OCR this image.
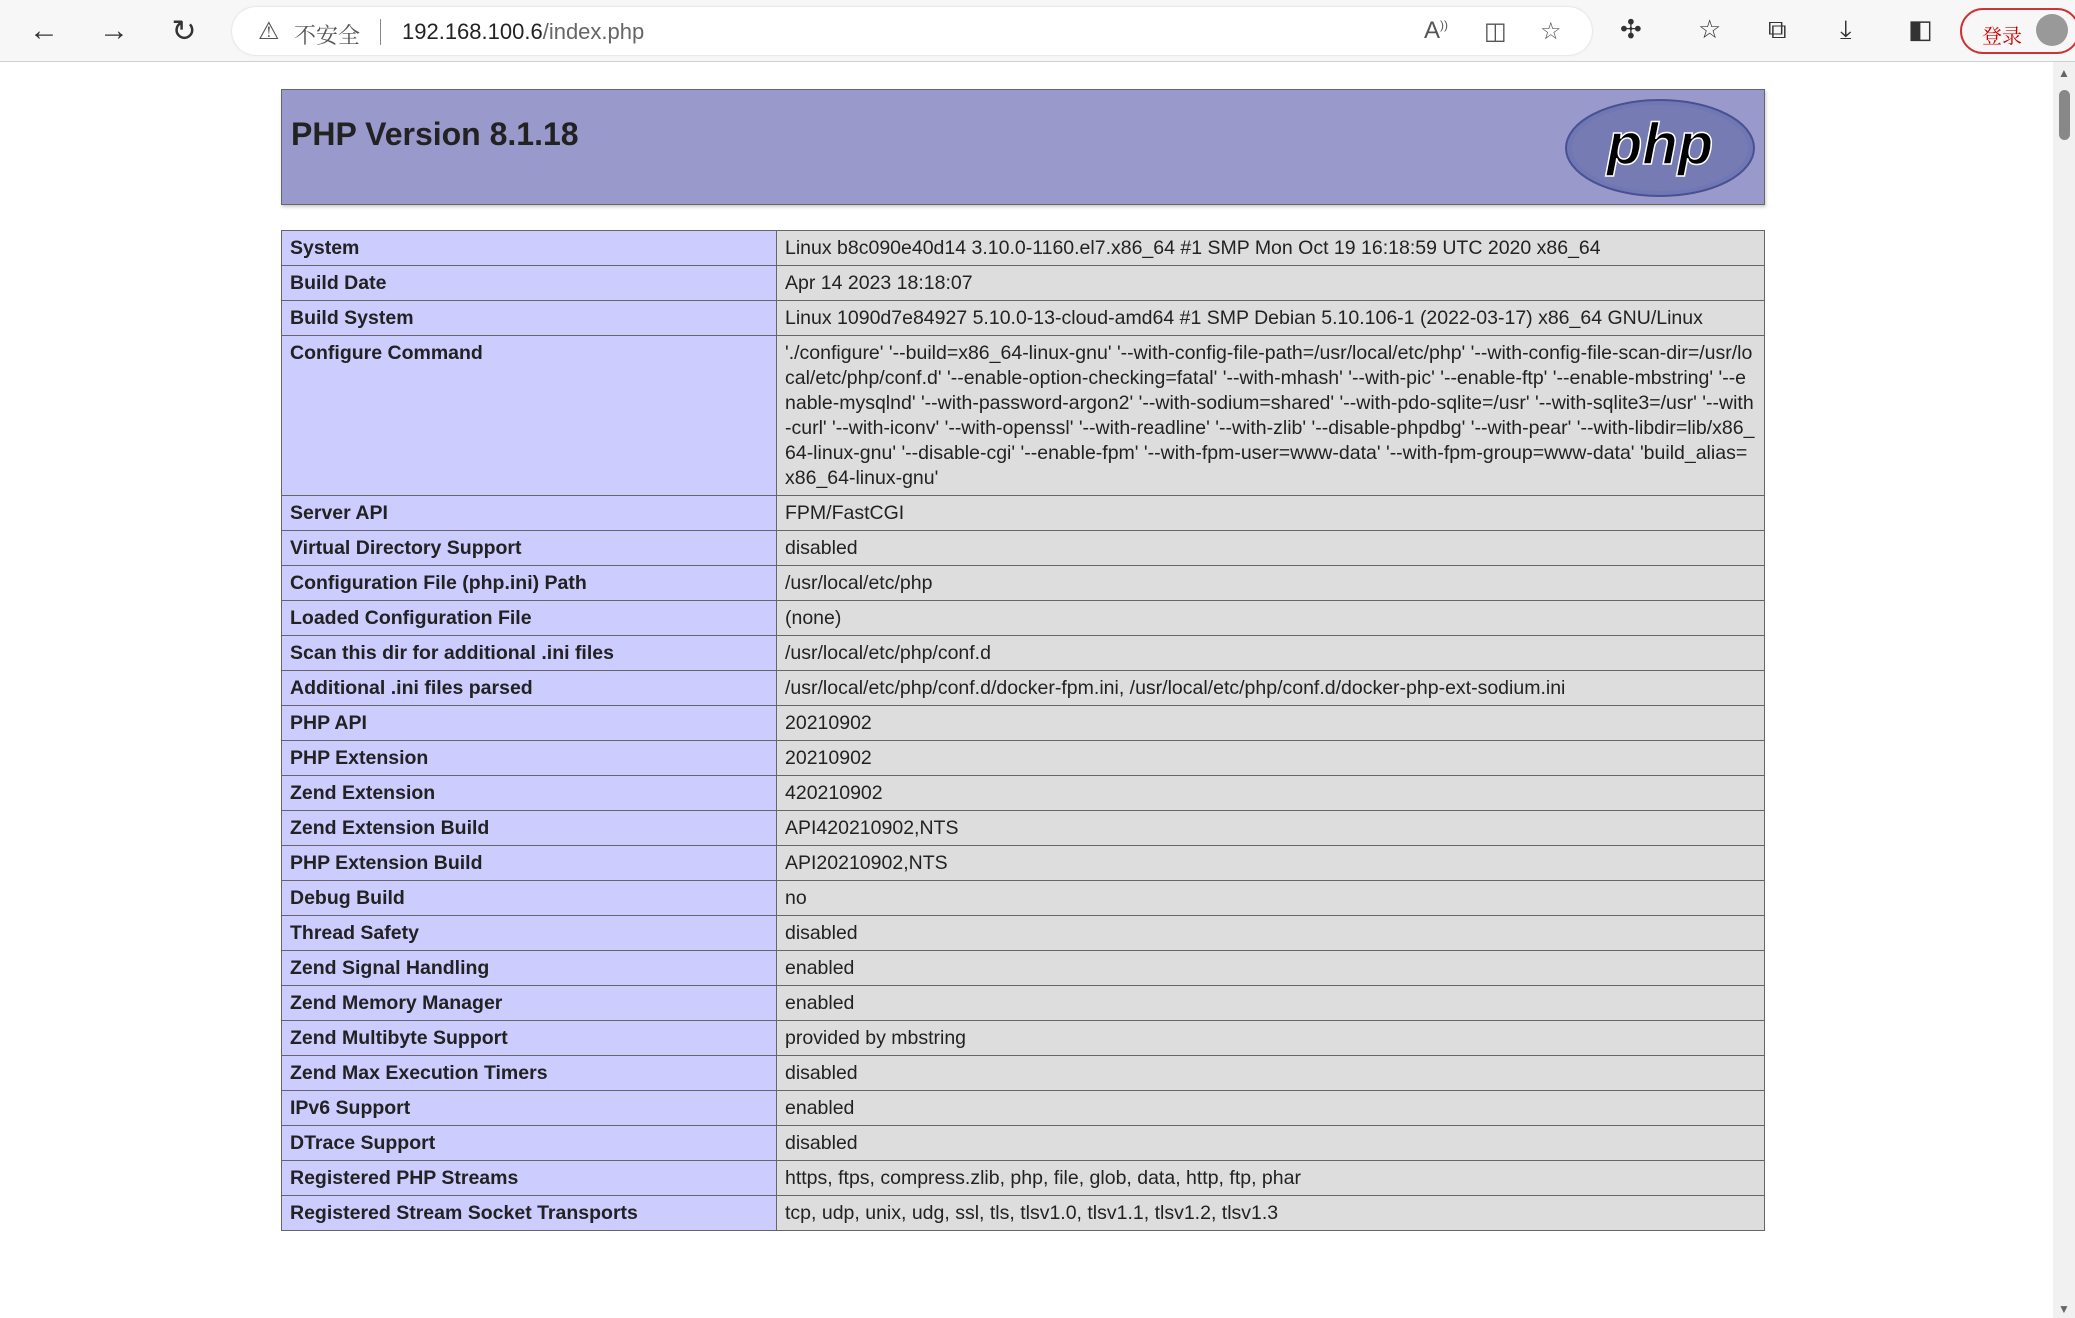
← → ↻	⚠ 不安全 192.168.100.6/index.php	A)) ◫ ☆ ✣ ☆ ⧉ ⤓ ◧	登录
PHP Version 8.1.18	php
System	Linux b8c090e40d14 3.10.0-1160.el7.x86_64 #1 SMP Mon Oct 19 16:18:59 UTC 2020 x86_64
Build Date	Apr 14 2023 18:18:07
Build System	Linux 1090d7e84927 5.10.0-13-cloud-amd64 #1 SMP Debian 5.10.106-1 (2022-03-17) x86_64 GNU/Linux
Configure Command	'./configure' '--build=x86_64-linux-gnu' '--with-config-file-path=/usr/local/etc/php' '--with-config-file-scan-dir=/usr/local/etc/php/conf.d' '--enable-option-checking=fatal' '--with-mhash' '--with-pic' '--enable-ftp' '--enable-mbstring' '--enable-mysqlnd' '--with-password-argon2' '--with-sodium=shared' '--with-pdo-sqlite=/usr' '--with-sqlite3=/usr' '--with-curl' '--with-iconv' '--with-openssl' '--with-readline' '--with-zlib' '--disable-phpdbg' '--with-pear' '--with-libdir=lib/x86_64-linux-gnu' '--disable-cgi' '--enable-fpm' '--with-fpm-user=www-data' '--with-fpm-group=www-data' 'build_alias=x86_64-linux-gnu'
Server API	FPM/FastCGI
Virtual Directory Support	disabled
Configuration File (php.ini) Path	/usr/local/etc/php
Loaded Configuration File	(none)
Scan this dir for additional .ini files	/usr/local/etc/php/conf.d
Additional .ini files parsed	/usr/local/etc/php/conf.d/docker-fpm.ini, /usr/local/etc/php/conf.d/docker-php-ext-sodium.ini
PHP API	20210902
PHP Extension	20210902
Zend Extension	420210902
Zend Extension Build	API420210902,NTS
PHP Extension Build	API20210902,NTS
Debug Build	no
Thread Safety	disabled
Zend Signal Handling	enabled
Zend Memory Manager	enabled
Zend Multibyte Support	provided by mbstring
Zend Max Execution Timers	disabled
IPv6 Support	enabled
DTrace Support	disabled
Registered PHP Streams	https, ftps, compress.zlib, php, file, glob, data, http, ftp, phar
Registered Stream Socket Transports	tcp, udp, unix, udg, ssl, tls, tlsv1.0, tlsv1.1, tlsv1.2, tlsv1.3
▲
▼
